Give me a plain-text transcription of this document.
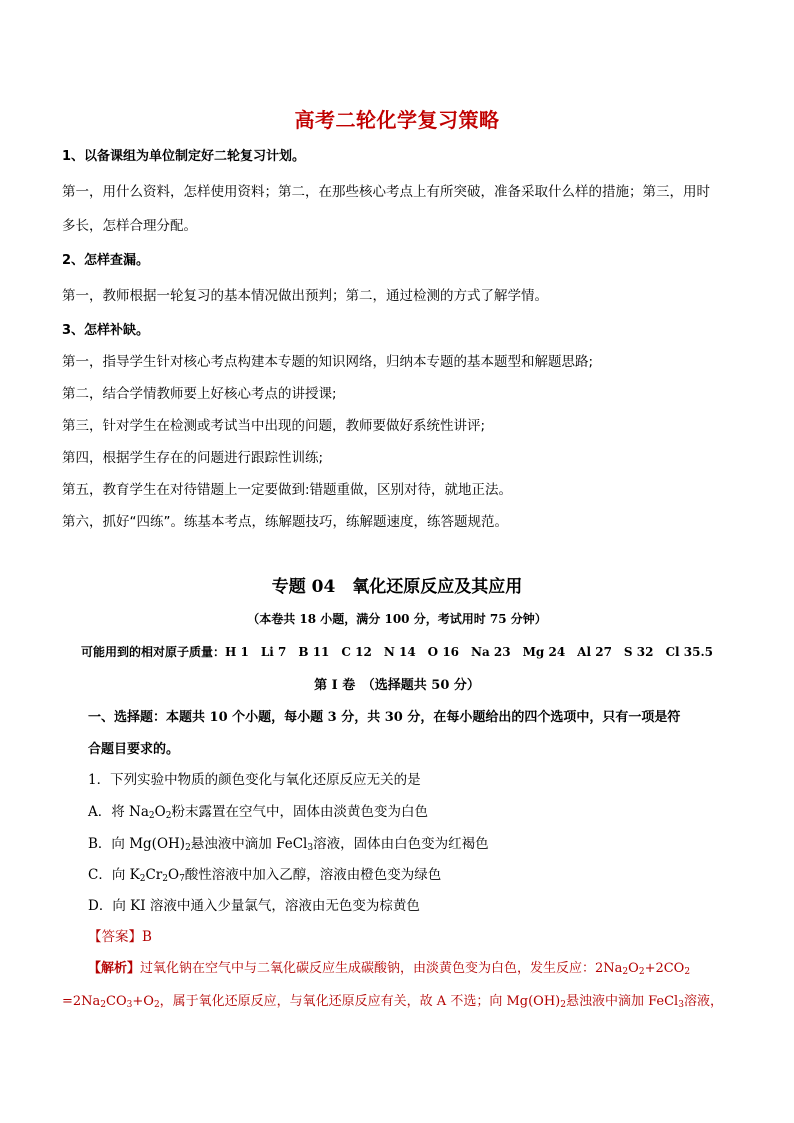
高考二轮化学复习策略
1、以备课组为单位制定好二轮复习计划。
第一，用什么资料，怎样使用资料；第二，在那些核心考点上有所突破，准备采取什么样的措施；第三，用时
多长，怎样合理分配。
2、怎样查漏。
第一，教师根据一轮复习的基本情况做出预判；第二，通过检测的方式了解学情。
3、怎样补缺。
第一，指导学生针对核心考点构建本专题的知识网络，归纳本专题的基本题型和解题思路;
第二，结合学情教师要上好核心考点的讲授课;
第三，针对学生在检测或考试当中出现的问题，教师要做好系统性讲评;
第四，根据学生存在的问题进行跟踪性训练;
第五，教育学生在对待错题上一定要做到:错题重做，区别对待，就地正法。
第六，抓好“四练”。练基本考点，练解题技巧，练解题速度，练答题规范。
专题 04　氧化还原反应及其应用
（本卷共 18 小题，满分 100 分，考试用时 75 分钟）
可能用到的相对原子质量：H 1　Li 7　B 11　C 12　N 14　O 16　Na 23　Mg 24　Al 27　S 32　Cl 35.5
第 I 卷　（选择题共 50 分）
一、选择题：本题共 10 个小题，每小题 3 分，共 30 分，在每小题给出的四个选项中，只有一项是符
合题目要求的。
1．下列实验中物质的颜色变化与氧化还原反应无关的是
A．将 $Na_2O_2$粉末露置在空气中，固体由淡黄色变为白色
B．向 $Mg(OH)_2$悬浊液中滴加 FeCl$_3$溶液，固体由白色变为红褐色
C．向 $K_2Cr_2O_7$酸性溶液中加入乙醇，溶液由橙色变为绿色
D．向 KI 溶液中通入少量氯气，溶液由无色变为棕黄色
【答案】B
【解析】过氧化钠在空气中与二氧化碳反应生成碳酸钠，由淡黄色变为白色，发生反应：$2Na_2O_2+2CO_2$
$=2Na_2CO_3+O_2$，属于氧化还原反应，与氧化还原反应有关，故 A 不选；向 $Mg(OH)_2$悬浊液中滴加 FeCl$_3$溶液，
